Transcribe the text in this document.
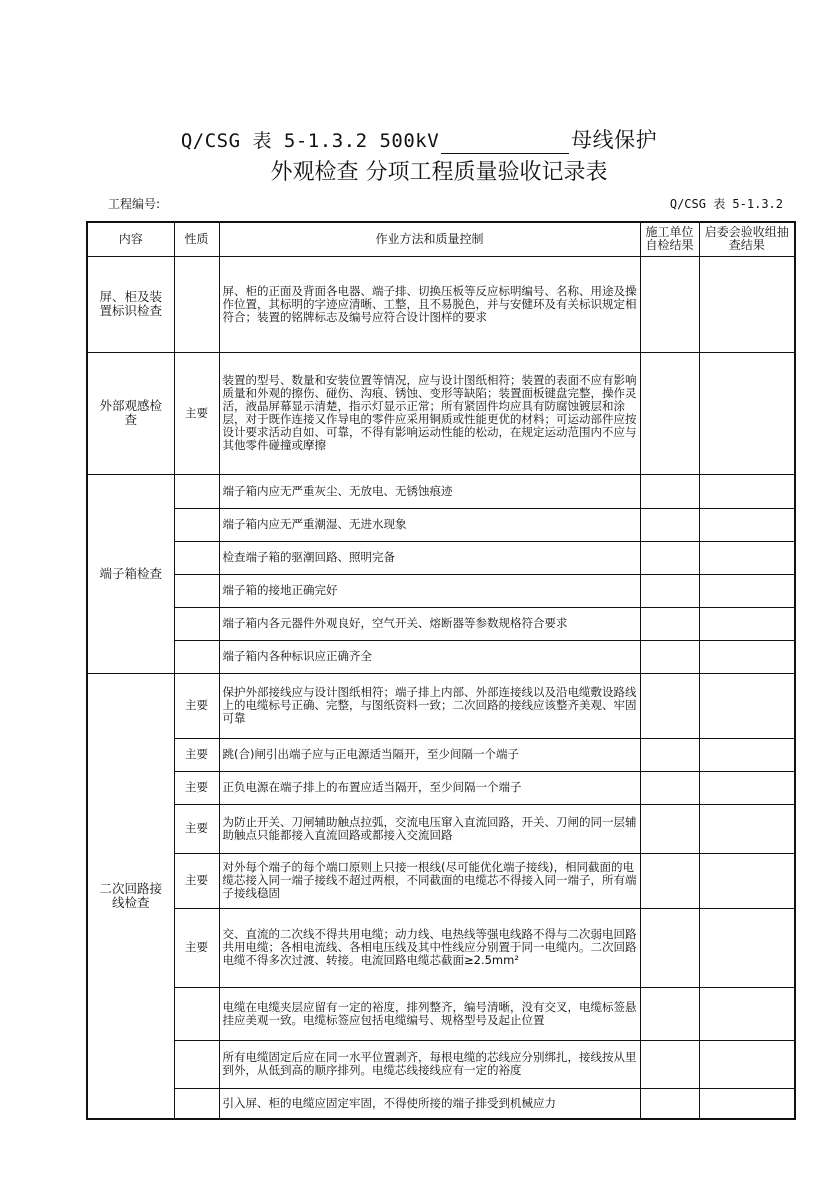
Q/CSG 表 5-1.3.2 500kV	母线保护
外观检查 分项工程质量验收记录表
工程编号:	Q/CSG 表 5-1.3.2
内容	性质	作业方法和质量控制	施工单位自检结果	启委会验收组抽查结果
屏、柜及装置标识检查		屏、柜的正面及背面各电器、端子排、切换压板等反应标明编号、名称、用途及操作位置，其标明的字迹应清晰、工整，且不易脱色，并与安健环及有关标识规定相符合；装置的铭牌标志及编号应符合设计图样的要求		
外部观感检查	主要	装置的型号、数量和安装位置等情况，应与设计图纸相符；装置的表面不应有影响质量和外观的擦伤、碰伤、沟痕、锈蚀、变形等缺陷；装置面板键盘完整，操作灵活，液晶屏幕显示清楚，指示灯显示正常；所有紧固件均应具有防腐蚀镀层和涂层，对于既作连接又作导电的零件应采用铜质或性能更优的材料；可运动部件应按设计要求活动自如、可靠，不得有影响运动性能的松动，在规定运动范围内不应与其他零件碰撞或摩擦		
端子箱检查		端子箱内应无严重灰尘、无放电、无锈蚀痕迹		
		端子箱内应无严重潮湿、无进水现象		
		检查端子箱的驱潮回路、照明完备		
		端子箱的接地正确完好		
		端子箱内各元器件外观良好，空气开关、熔断器等参数规格符合要求		
		端子箱内各种标识应正确齐全		
二次回路接线检查	主要	保护外部接线应与设计图纸相符；端子排上内部、外部连接线以及沿电缆敷设路线上的电缆标号正确、完整，与图纸资料一致；二次回路的接线应该整齐美观、牢固可靠		
	主要	跳(合)闸引出端子应与正电源适当隔开，至少间隔一个端子		
	主要	正负电源在端子排上的布置应适当隔开，至少间隔一个端子		
	主要	为防止开关、刀闸辅助触点拉弧，交流电压窜入直流回路，开关、刀闸的同一层辅助触点只能都接入直流回路或都接入交流回路		
	主要	对外每个端子的每个端口原则上只接一根线(尽可能优化端子接线)，相同截面的电缆芯接入同一端子接线不超过两根，不同截面的电缆芯不得接入同一端子，所有端子接线稳固		
	主要	交、直流的二次线不得共用电缆；动力线、电热线等强电线路不得与二次弱电回路共用电缆；各相电流线、各相电压线及其中性线应分别置于同一电缆内。二次回路电缆不得多次过渡、转接。电流回路电缆芯截面≥2.5mm²		
		电缆在电缆夹层应留有一定的裕度，排列整齐，编号清晰，没有交叉，电缆标签悬挂应美观一致。电缆标签应包括电缆编号、规格型号及起止位置		
		所有电缆固定后应在同一水平位置剥齐，每根电缆的芯线应分别绑扎，接线按从里到外，从低到高的顺序排列。电缆芯线接线应有一定的裕度		
		引入屏、柜的电缆应固定牢固，不得使所接的端子排受到机械应力		
